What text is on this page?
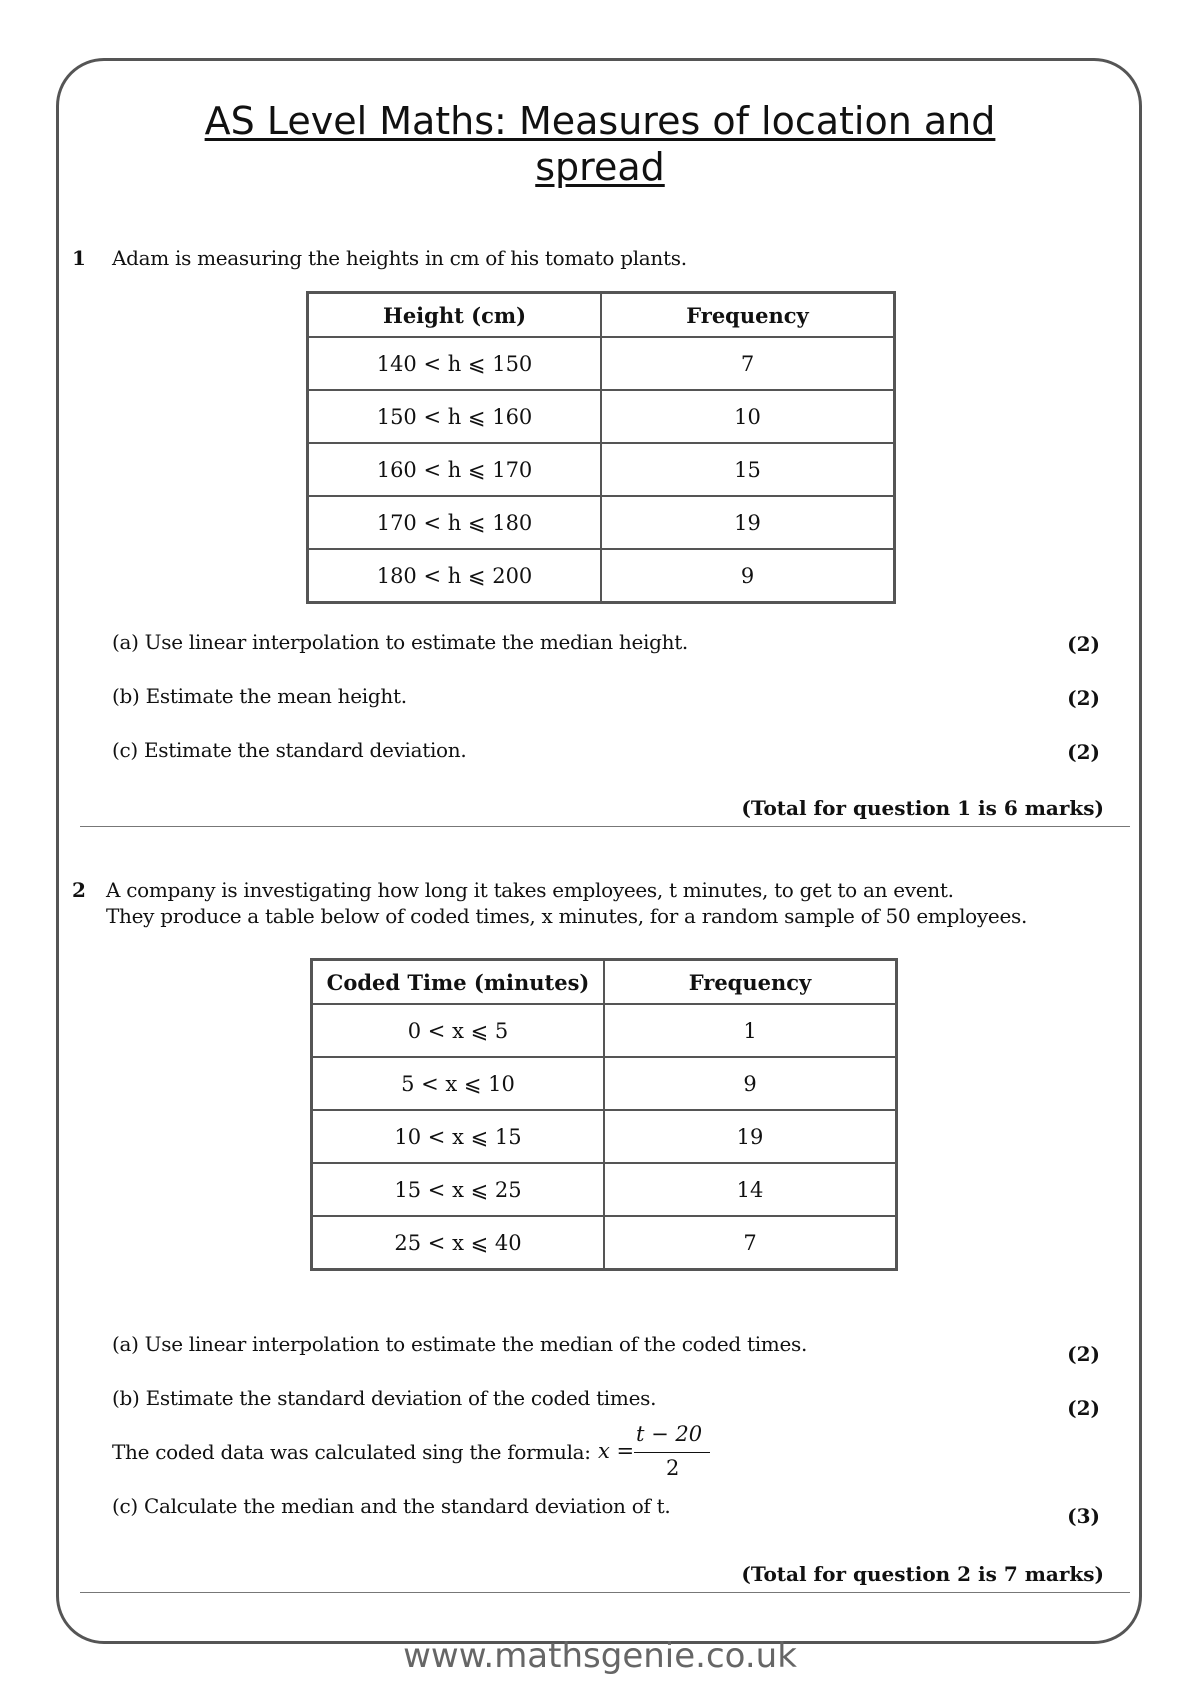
AS Level Maths: Measures of location and spread
1 Adam is measuring the heights in cm of his tomato plants.
Height (cm)	Frequency
140 < h ⩽ 150	7
150 < h ⩽ 160	10
160 < h ⩽ 170	15
170 < h ⩽ 180	19
180 < h ⩽ 200	9
(a) Use linear interpolation to estimate the median height.	(2)
(b) Estimate the mean height.	(2)
(c) Estimate the standard deviation.	(2)
(Total for question 1 is 6 marks)
2 A company is investigating how long it takes employees, t minutes, to get to an event.
They produce a table below of coded times, x minutes, for a random sample of 50 employees.
Coded Time (minutes)	Frequency
0 < x ⩽ 5	1
5 < x ⩽ 10	9
10 < x ⩽ 15	19
15 < x ⩽ 25	14
25 < x ⩽ 40	7
(a) Use linear interpolation to estimate the median of the coded times.	(2)
(b) Estimate the standard deviation of the coded times.	(2)
The coded data was calculated sing the formula: x =
t − 20
2
(c) Calculate the median and the standard deviation of t.	(3)
(Total for question 2 is 7 marks)
www.mathsgenie.co.uk
